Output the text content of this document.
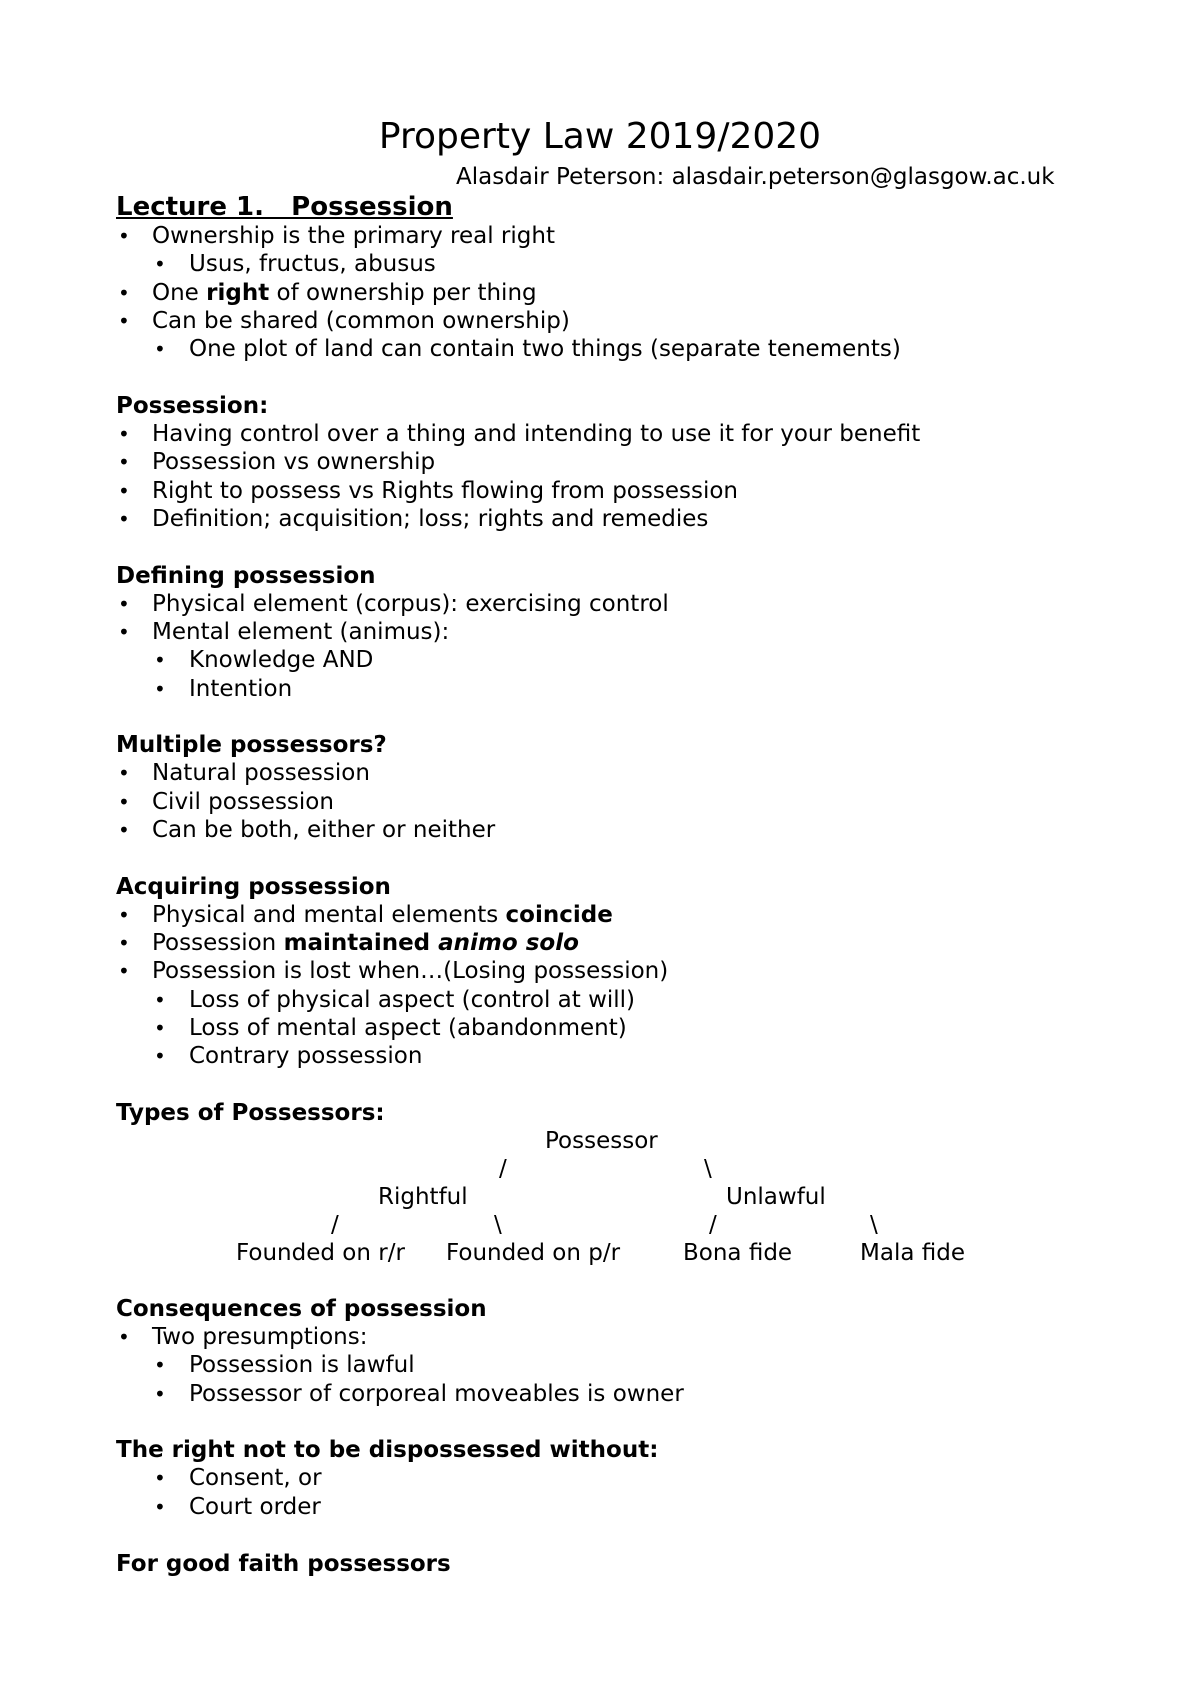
Property Law 2019/2020
Alasdair Peterson: alasdair.peterson@glasgow.ac.uk
Lecture 1.   Possession
• Ownership is the primary real right
• Usus, fructus, abusus
• One right of ownership per thing
• Can be shared (common ownership)
• One plot of land can contain two things (separate tenements)
Possession:
• Having control over a thing and intending to use it for your benefit
• Possession vs ownership
• Right to possess vs Rights flowing from possession
• Definition; acquisition; loss; rights and remedies
Defining possession
• Physical element (corpus): exercising control
• Mental element (animus):
• Knowledge AND
• Intention
Multiple possessors?
• Natural possession
• Civil possession
• Can be both, either or neither
Acquiring possession
• Physical and mental elements coincide
• Possession maintained animo solo
• Possession is lost when…(Losing possession)
• Loss of physical aspect (control at will)
• Loss of mental aspect (abandonment)
• Contrary possession
Types of Possessors:
Possessor
/	\
Rightful	Unlawful
/	\	/	\
Founded on r/r Founded on p/r	Bona fide	Mala fide
Consequences of possession
• Two presumptions:
• Possession is lawful
• Possessor of corporeal moveables is owner
The right not to be dispossessed without:
• Consent, or
• Court order
For good faith possessors
